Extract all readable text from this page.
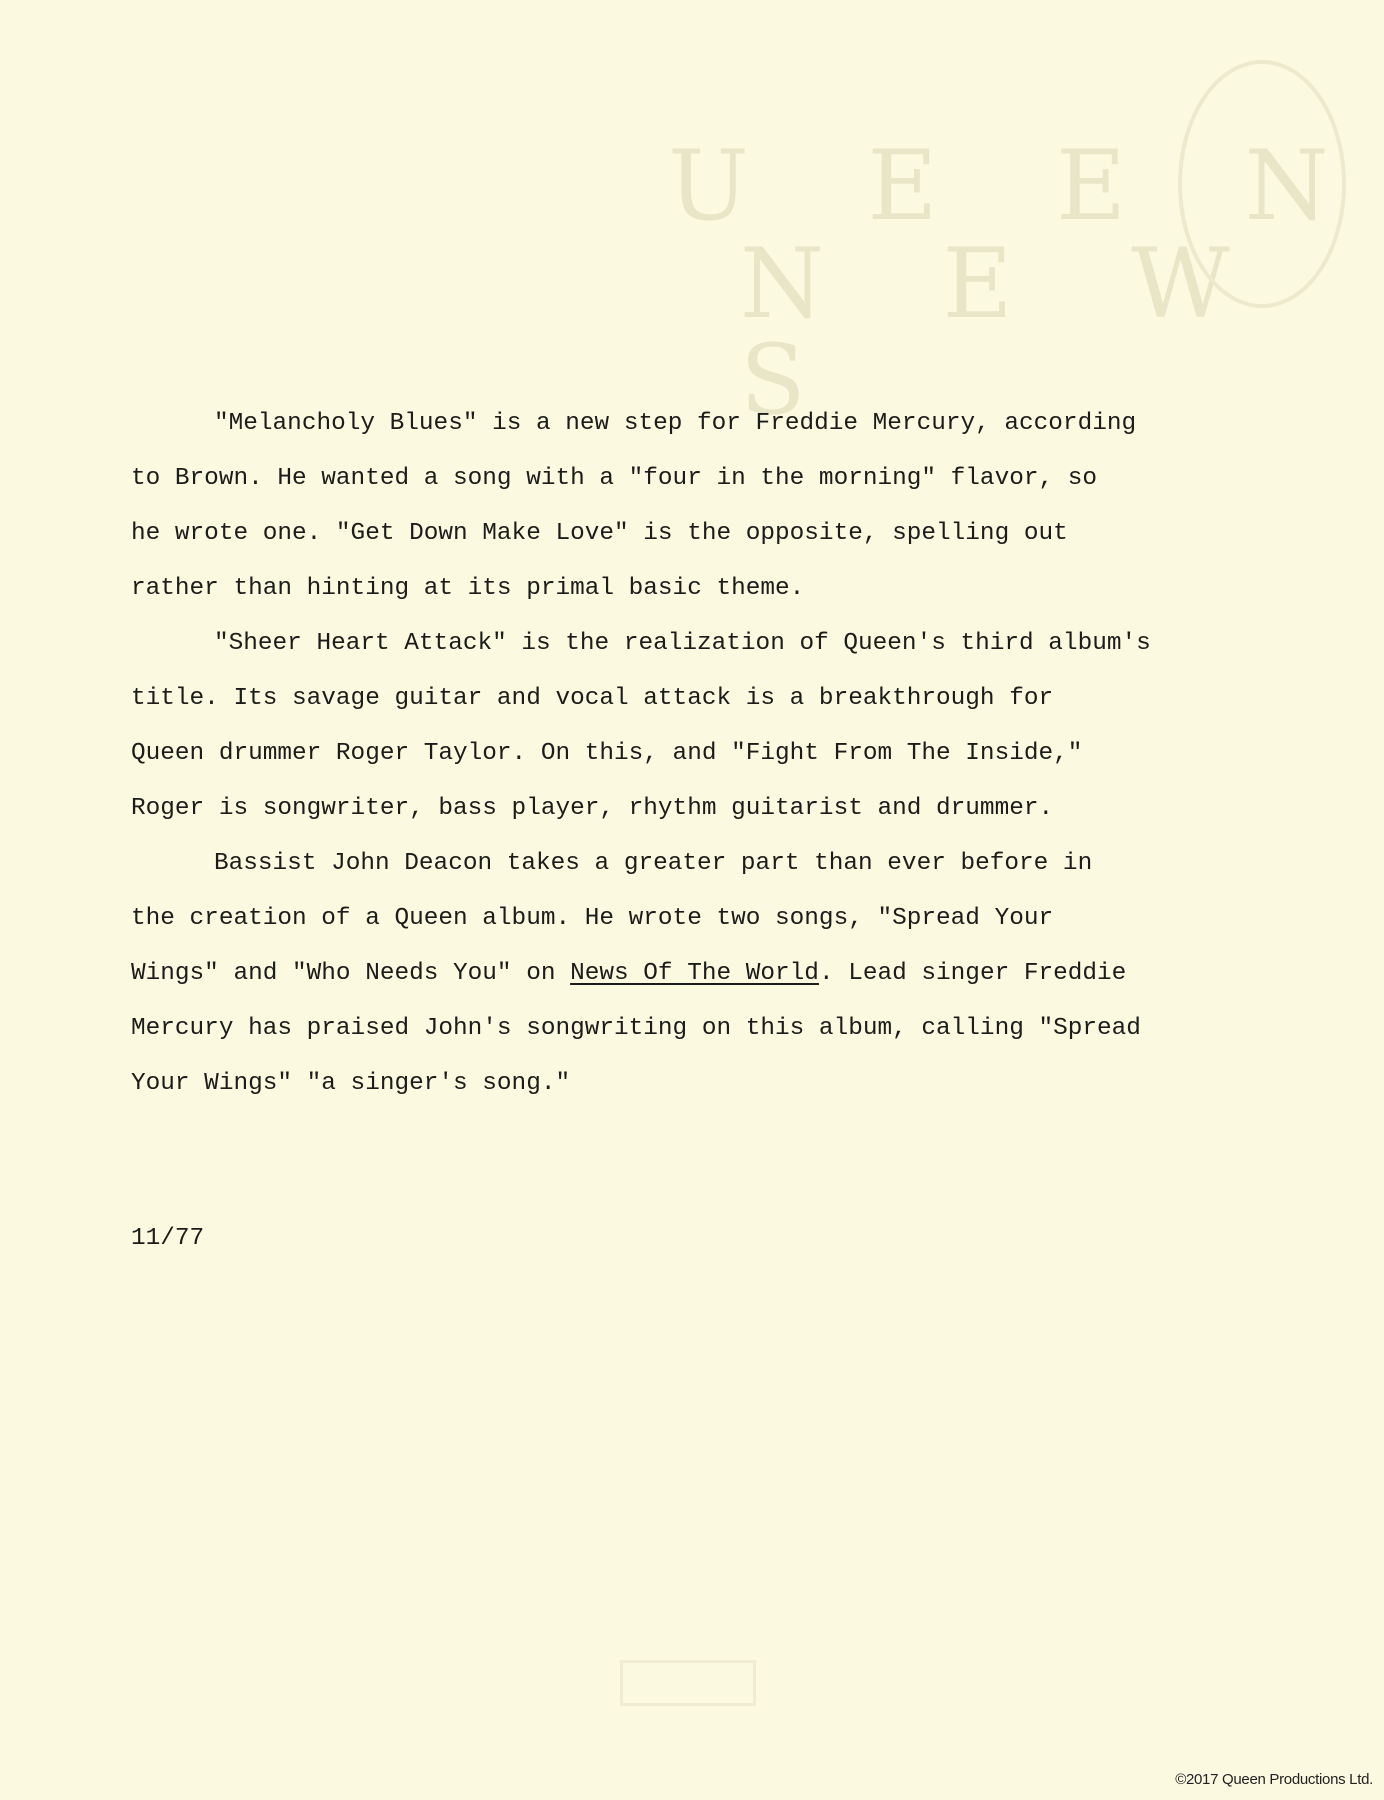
U E E N
N E W S

"Melancholy Blues" is a new step for Freddie Mercury, according
to Brown. He wanted a song with a "four in the morning" flavor, so
he wrote one. "Get Down Make Love" is the opposite, spelling out
rather than hinting at its primal basic theme.

"Sheer Heart Attack" is the realization of Queen's third album's
title. Its savage guitar and vocal attack is a breakthrough for
Queen drummer Roger Taylor. On this, and "Fight From The Inside,"
Roger is songwriter, bass player, rhythm guitarist and drummer.

Bassist John Deacon takes a greater part than ever before in
the creation of a Queen album. He wrote two songs, "Spread Your
Wings" and "Who Needs You" on News Of The World. Lead singer Freddie
Mercury has praised John's songwriting on this album, calling "Spread
Your Wings" "a singer's song."

11/77
©2017 Queen Productions Ltd.
